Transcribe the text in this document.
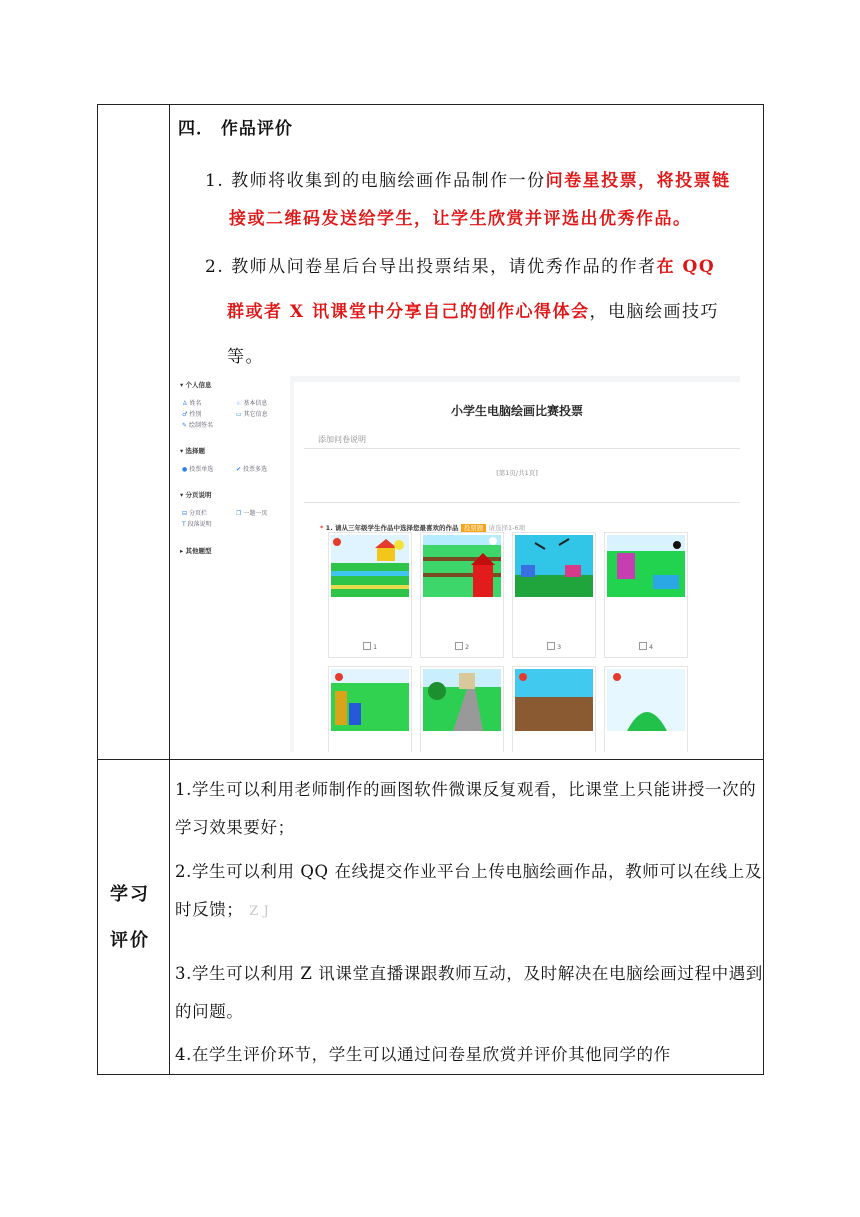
四． 作品评价
1. 教师将收集到的电脑绘画作品制作一份问卷星投票，将投票链
接或二维码发送给学生，让学生欣赏并评选出优秀作品。
2. 教师从问卷星后台导出投票结果，请优秀作品的作者在 QQ
群或者 X 讯课堂中分享自己的创作心得体会，电脑绘画技巧
等。
▾ 个人信息
♙ 姓名	♘ 基本信息
♂ 性别	▭ 其它信息
✎ 绘制签名
▾ 选择题
● 投票单选	✔ 投票多选
▾ 分页说明
⊟ 分页栏	❐ 一题一页
T 段落说明
▸ 其他题型
小学生电脑绘画比赛投票
添加问卷说明
[第1页/共1页]
* 1. 请从三年级学生作品中选择您最喜欢的作品 投票题 请选择1-6项
1	2	3	4
学习
评价
1.学生可以利用老师制作的画图软件微课反复观看，比课堂上只能讲授一次的学习效果要好；
2.学生可以利用 QQ 在线提交作业平台上传电脑绘画作品，教师可以在线上及时反馈； Z J
3.学生可以利用 Z 讯课堂直播课跟教师互动，及时解决在电脑绘画过程中遇到的问题。
4.在学生评价环节，学生可以通过问卷星欣赏并评价其他同学的作
